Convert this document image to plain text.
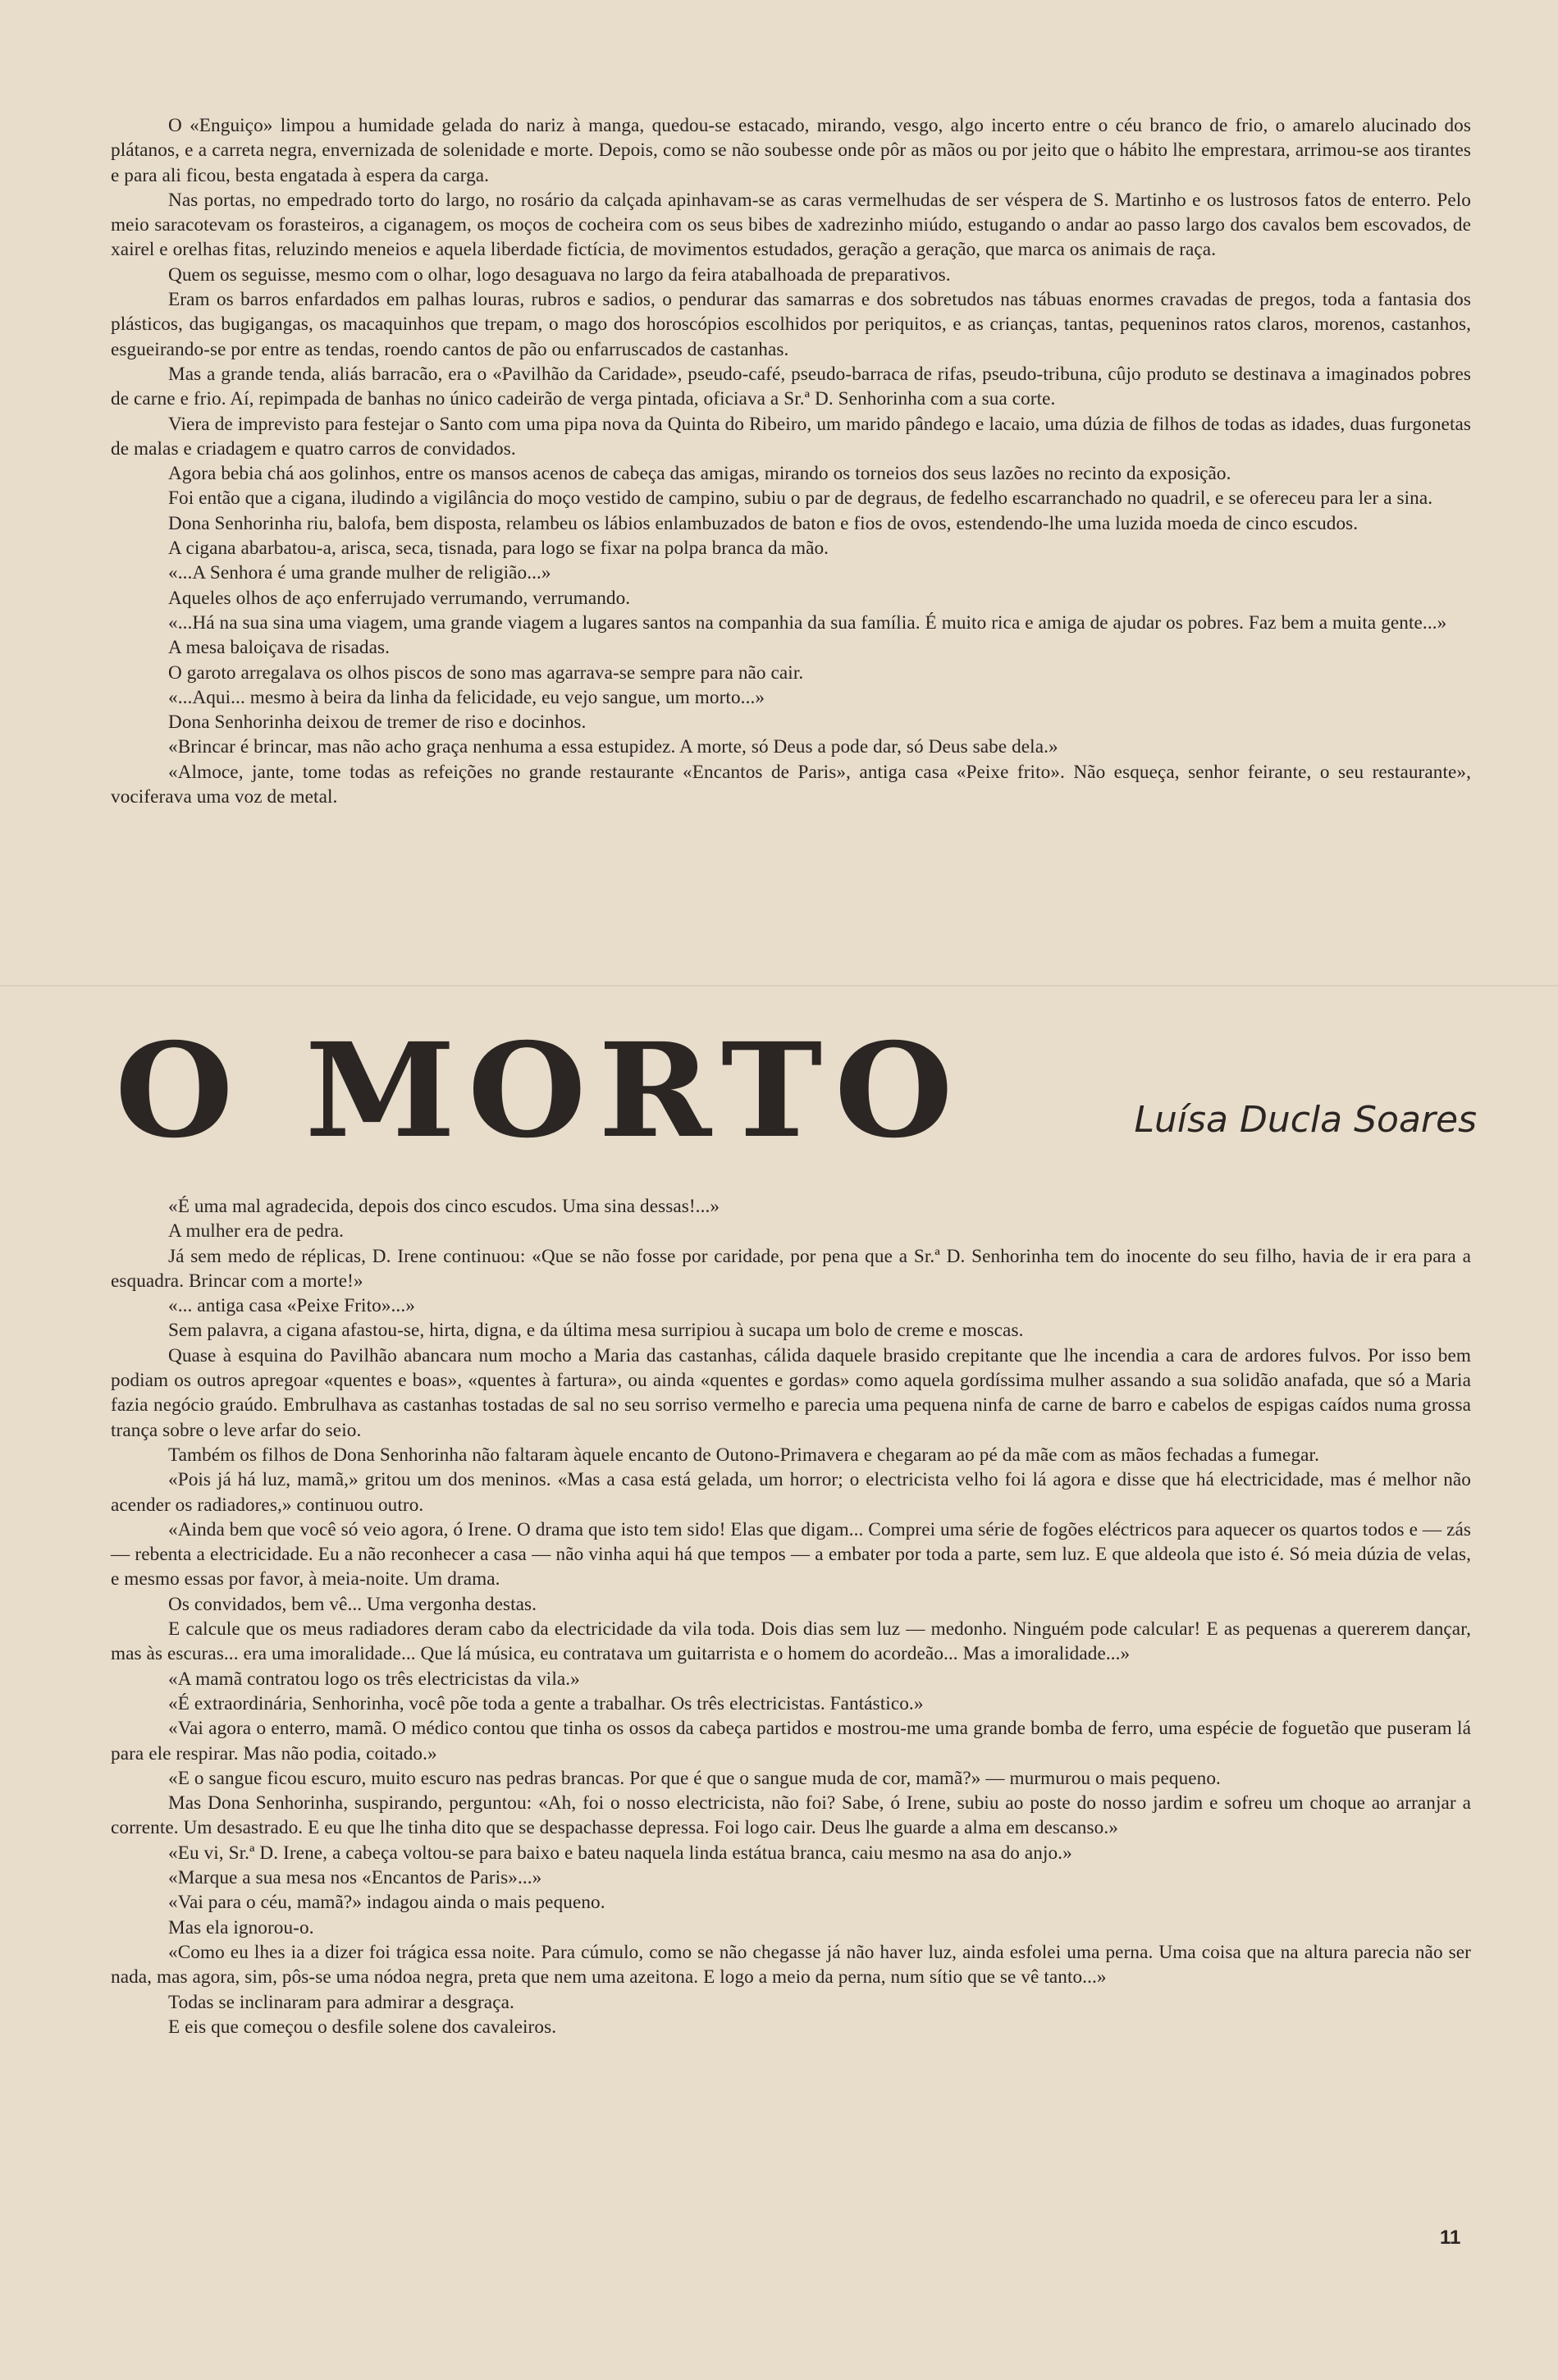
O «Enguiço» limpou a humidade gelada do nariz à manga, quedou-se estacado, mirando, vesgo, algo incerto entre o céu branco de frio, o amarelo alucinado dos plátanos, e a carreta negra, envernizada de solenidade e morte. Depois, como se não soubesse onde pôr as mãos ou por jeito que o hábito lhe emprestara, arrimou-se aos tirantes e para ali ficou, besta engatada à espera da carga.

Nas portas, no empedrado torto do largo, no rosário da calçada apinhavam-se as caras vermelhudas de ser véspera de S. Martinho e os lustrosos fatos de enterro. Pelo meio saracotevam os forasteiros, a ciganagem, os moços de cocheira com os seus bibes de xadrezinho miúdo, estugando o andar ao passo largo dos cavalos bem escovados, de xairel e orelhas fitas, reluzindo meneios e aquela liberdade fictícia, de movimentos estudados, geração a geração, que marca os animais de raça.

Quem os seguisse, mesmo com o olhar, logo desaguava no largo da feira atabalhoada de preparativos.

Eram os barros enfardados em palhas louras, rubros e sadios, o pendurar das samarras e dos sobretudos nas tábuas enormes cravadas de pregos, toda a fantasia dos plásticos, das bugigangas, os macaquinhos que trepam, o mago dos horoscópios escolhidos por periquitos, e as crianças, tantas, pequeninos ratos claros, morenos, castanhos, esgueirando-se por entre as tendas, roendo cantos de pão ou enfarruscados de castanhas.

Mas a grande tenda, aliás barracão, era o «Pavilhão da Caridade», pseudo-café, pseudo-barraca de rifas, pseudo-tribuna, cûjo produto se destinava a imaginados pobres de carne e frio. Aí, repimpada de banhas no único cadeirão de verga pintada, oficiava a Sr.ª D. Senhorinha com a sua corte.

Viera de imprevisto para festejar o Santo com uma pipa nova da Quinta do Ribeiro, um marido pândego e lacaio, uma dúzia de filhos de todas as idades, duas furgonetas de malas e criadagem e quatro carros de convidados.

Agora bebia chá aos golinhos, entre os mansos acenos de cabeça das amigas, mirando os torneios dos seus lazões no recinto da exposição.

Foi então que a cigana, iludindo a vigilância do moço vestido de campino, subiu o par de degraus, de fedelho escarranchado no quadril, e se ofereceu para ler a sina.

Dona Senhorinha riu, balofa, bem disposta, relambeu os lábios enlambuzados de baton e fios de ovos, estendendo-lhe uma luzida moeda de cinco escudos.

A cigana abarbatou-a, arisca, seca, tisnada, para logo se fixar na polpa branca da mão.

«...A Senhora é uma grande mulher de religião...»

Aqueles olhos de aço enferrujado verrumando, verrumando.

«...Há na sua sina uma viagem, uma grande viagem a lugares santos na companhia da sua família. É muito rica e amiga de ajudar os pobres. Faz bem a muita gente...»

A mesa baloiçava de risadas.

O garoto arregalava os olhos piscos de sono mas agarrava-se sempre para não cair.

«...Aqui... mesmo à beira da linha da felicidade, eu vejo sangue, um morto...»

Dona Senhorinha deixou de tremer de riso e docinhos.

«Brincar é brincar, mas não acho graça nenhuma a essa estupidez. A morte, só Deus a pode dar, só Deus sabe dela.»

«Almoce, jante, tome todas as refeições no grande restaurante «Encantos de Paris», antiga casa «Peixe frito». Não esqueça, senhor feirante, o seu restaurante», vociferava uma voz de metal.

O MORTO	Luísa Ducla Soares

«É uma mal agradecida, depois dos cinco escudos. Uma sina dessas!...»

A mulher era de pedra.

Já sem medo de réplicas, D. Irene continuou: «Que se não fosse por caridade, por pena que a Sr.ª D. Senhorinha tem do inocente do seu filho, havia de ir era para a esquadra. Brincar com a morte!»

«... antiga casa «Peixe Frito»...»

Sem palavra, a cigana afastou-se, hirta, digna, e da última mesa surripiou à sucapa um bolo de creme e moscas.

Quase à esquina do Pavilhão abancara num mocho a Maria das castanhas, cálida daquele brasido crepitante que lhe incendia a cara de ardores fulvos. Por isso bem podiam os outros apregoar «quentes e boas», «quentes à fartura», ou ainda «quentes e gordas» como aquela gordíssima mulher assando a sua solidão anafada, que só a Maria fazia negócio graúdo. Embrulhava as castanhas tostadas de sal no seu sorriso vermelho e parecia uma pequena ninfa de carne de barro e cabelos de espigas caídos numa grossa trança sobre o leve arfar do seio.

Também os filhos de Dona Senhorinha não faltaram àquele encanto de Outono-Primavera e chegaram ao pé da mãe com as mãos fechadas a fumegar.

«Pois já há luz, mamã,» gritou um dos meninos. «Mas a casa está gelada, um horror; o electricista velho foi lá agora e disse que há electricidade, mas é melhor não acender os radiadores,» continuou outro.

«Ainda bem que você só veio agora, ó Irene. O drama que isto tem sido! Elas que digam... Comprei uma série de fogões eléctricos para aquecer os quartos todos e — zás — rebenta a electricidade. Eu a não reconhecer a casa — não vinha aqui há que tempos — a embater por toda a parte, sem luz. E que aldeola que isto é. Só meia dúzia de velas, e mesmo essas por favor, à meia-noite. Um drama.

Os convidados, bem vê... Uma vergonha destas.

E calcule que os meus radiadores deram cabo da electricidade da vila toda. Dois dias sem luz — medonho. Ninguém pode calcular! E as pequenas a quererem dançar, mas às escuras... era uma imoralidade... Que lá música, eu contratava um guitarrista e o homem do acordeão... Mas a imoralidade...»

«A mamã contratou logo os três electricistas da vila.»

«É extraordinária, Senhorinha, você põe toda a gente a trabalhar. Os três electricistas. Fantástico.»

«Vai agora o enterro, mamã. O médico contou que tinha os ossos da cabeça partidos e mostrou-me uma grande bomba de ferro, uma espécie de foguetão que puseram lá para ele respirar. Mas não podia, coitado.»

«E o sangue ficou escuro, muito escuro nas pedras brancas. Por que é que o sangue muda de cor, mamã?» — murmurou o mais pequeno.

Mas Dona Senhorinha, suspirando, perguntou: «Ah, foi o nosso electricista, não foi? Sabe, ó Irene, subiu ao poste do nosso jardim e sofreu um choque ao arranjar a corrente. Um desastrado. E eu que lhe tinha dito que se despachasse depressa. Foi logo cair. Deus lhe guarde a alma em descanso.»

«Eu vi, Sr.ª D. Irene, a cabeça voltou-se para baixo e bateu naquela linda estátua branca, caiu mesmo na asa do anjo.»

«Marque a sua mesa nos «Encantos de Paris»...»

«Vai para o céu, mamã?» indagou ainda o mais pequeno.

Mas ela ignorou-o.

«Como eu lhes ia a dizer foi trágica essa noite. Para cúmulo, como se não chegasse já não haver luz, ainda esfolei uma perna. Uma coisa que na altura parecia não ser nada, mas agora, sim, pôs-se uma nódoa negra, preta que nem uma azeitona. E logo a meio da perna, num sítio que se vê tanto...»

Todas se inclinaram para admirar a desgraça.

E eis que começou o desfile solene dos cavaleiros.

11
